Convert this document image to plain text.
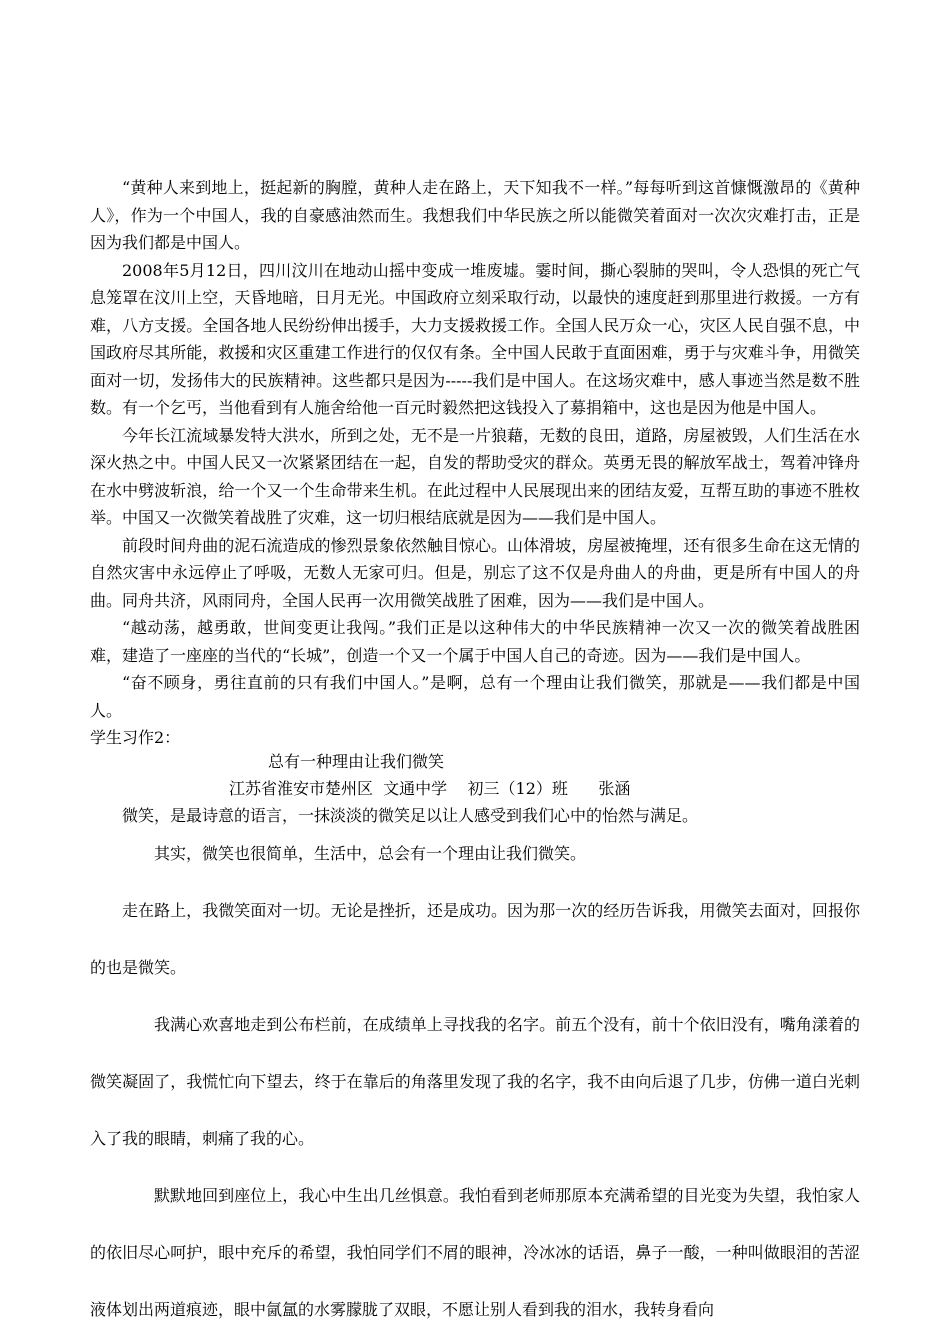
“黄种人来到地上，挺起新的胸膛，黄种人走在路上，天下知我不一样。”每每听到这首慷慨激昂的《黄种人》，作为一个中国人，我的自豪感油然而生。我想我们中华民族之所以能微笑着面对一次次灾难打击，正是因为我们都是中国人。

2008年5月12日，四川汶川在地动山摇中变成一堆废墟。霎时间，撕心裂肺的哭叫，令人恐惧的死亡气息笼罩在汶川上空，天昏地暗，日月无光。中国政府立刻采取行动，以最快的速度赶到那里进行救援。一方有难，八方支援。全国各地人民纷纷伸出援手，大力支援救援工作。全国人民万众一心，灾区人民自强不息，中国政府尽其所能，救援和灾区重建工作进行的仅仅有条。全中国人民敢于直面困难，勇于与灾难斗争，用微笑面对一切，发扬伟大的民族精神。这些都只是因为-----我们是中国人。在这场灾难中，感人事迹当然是数不胜数。有一个乞丐，当他看到有人施舍给他一百元时毅然把这钱投入了募捐箱中，这也是因为他是中国人。

今年长江流域暴发特大洪水，所到之处，无不是一片狼藉，无数的良田，道路，房屋被毁，人们生活在水深火热之中。中国人民又一次紧紧团结在一起，自发的帮助受灾的群众。英勇无畏的解放军战士，驾着冲锋舟在水中劈波斩浪，给一个又一个生命带来生机。在此过程中人民展现出来的团结友爱，互帮互助的事迹不胜枚举。中国又一次微笑着战胜了灾难，这一切归根结底就是因为——我们是中国人。

前段时间舟曲的泥石流造成的惨烈景象依然触目惊心。山体滑坡，房屋被掩埋，还有很多生命在这无情的自然灾害中永远停止了呼吸，无数人无家可归。但是，别忘了这不仅是舟曲人的舟曲，更是所有中国人的舟曲。同舟共济，风雨同舟，全国人民再一次用微笑战胜了困难，因为——我们是中国人。

“越动荡，越勇敢，世间变更让我闯。”我们正是以这种伟大的中华民族精神一次又一次的微笑着战胜困难，建造了一座座的当代的“长城”，创造一个又一个属于中国人自己的奇迹。因为——我们是中国人。

“奋不顾身，勇往直前的只有我们中国人。”是啊，总有一个理由让我们微笑，那就是——我们都是中国人。

学生习作2：

总有一种理由让我们微笑
江苏省淮安市楚州区  文通中学    初三（12）班      张涵

微笑，是最诗意的语言，一抹淡淡的微笑足以让人感受到我们心中的怡然与满足。

其实，微笑也很简单，生活中，总会有一个理由让我们微笑。

走在路上，我微笑面对一切。无论是挫折，还是成功。因为那一次的经历告诉我，用微笑去面对，回报你的也是微笑。

我满心欢喜地走到公布栏前，在成绩单上寻找我的名字。前五个没有，前十个依旧没有，嘴角漾着的微笑凝固了，我慌忙向下望去，终于在靠后的角落里发现了我的名字，我不由向后退了几步，仿佛一道白光刺入了我的眼睛，刺痛了我的心。

默默地回到座位上，我心中生出几丝惧意。我怕看到老师那原本充满希望的目光变为失望，我怕家人的依旧尽心呵护，眼中充斥的希望，我怕同学们不屑的眼神，冷冰冰的话语，鼻子一酸，一种叫做眼泪的苦涩液体划出两道痕迹，眼中氤氲的水雾朦胧了双眼，不愿让别人看到我的泪水，我转身看向
